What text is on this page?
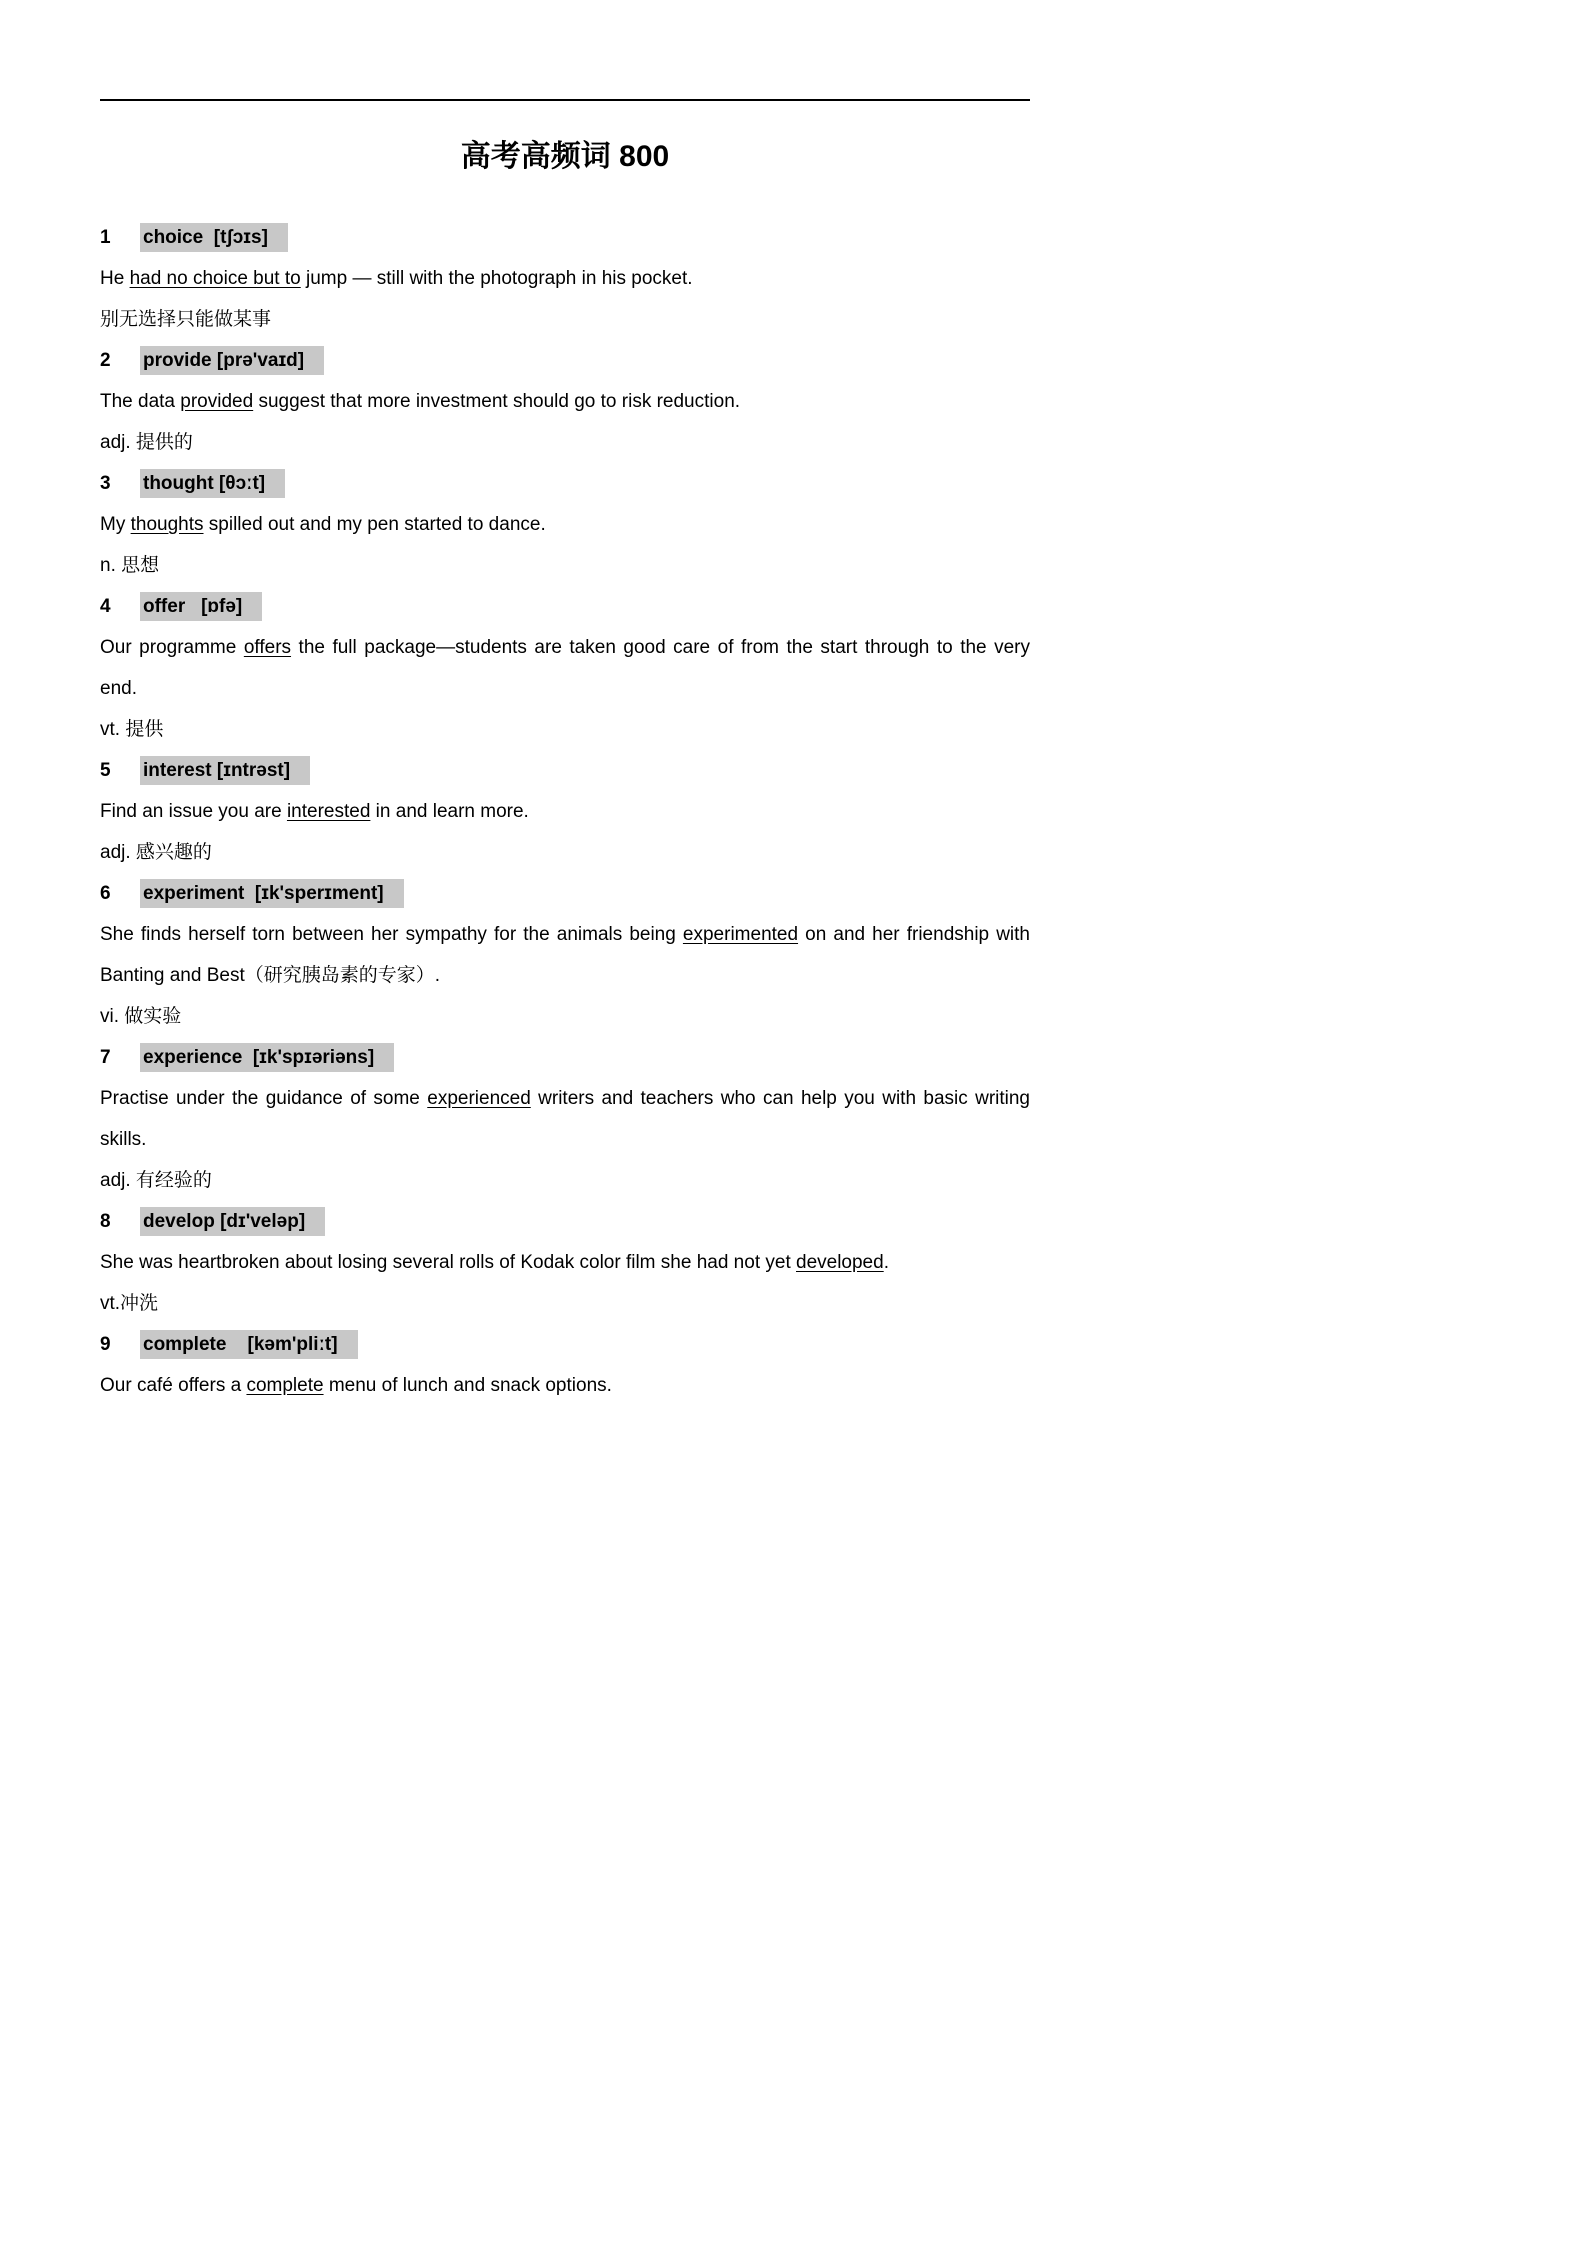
高考高频词 800

1 choice  [tʃɔɪs]

He had no choice but to jump — still with the photograph in his pocket.

别无选择只能做某事

2 provide [prə'vaɪd]

The data provided suggest that more investment should go to risk reduction.

adj. 提供的

3 thought [θɔːt]

My thoughts spilled out and my pen started to dance.

n. 思想

4 offer   [ɒfə]

Our programme offers the full package—students are taken good care of from the start through to the very end.

vt. 提供

5 interest [ɪntrəst]

Find an issue you are interested in and learn more.

adj. 感兴趣的

6 experiment  [ɪk'sperɪment]

She finds herself torn between her sympathy for the animals being experimented on and her friendship with Banting and Best（研究胰岛素的专家）.

vi. 做实验

7 experience  [ɪk'spɪəriəns]

Practise under the guidance of some experienced writers and teachers who can help you with basic writing skills.

adj. 有经验的

8 develop [dɪ'veləp]

She was heartbroken about losing several rolls of Kodak color film she had not yet developed.

vt.冲洗

9 complete    [kəm'pliːt]

Our café offers a complete menu of lunch and snack options.
